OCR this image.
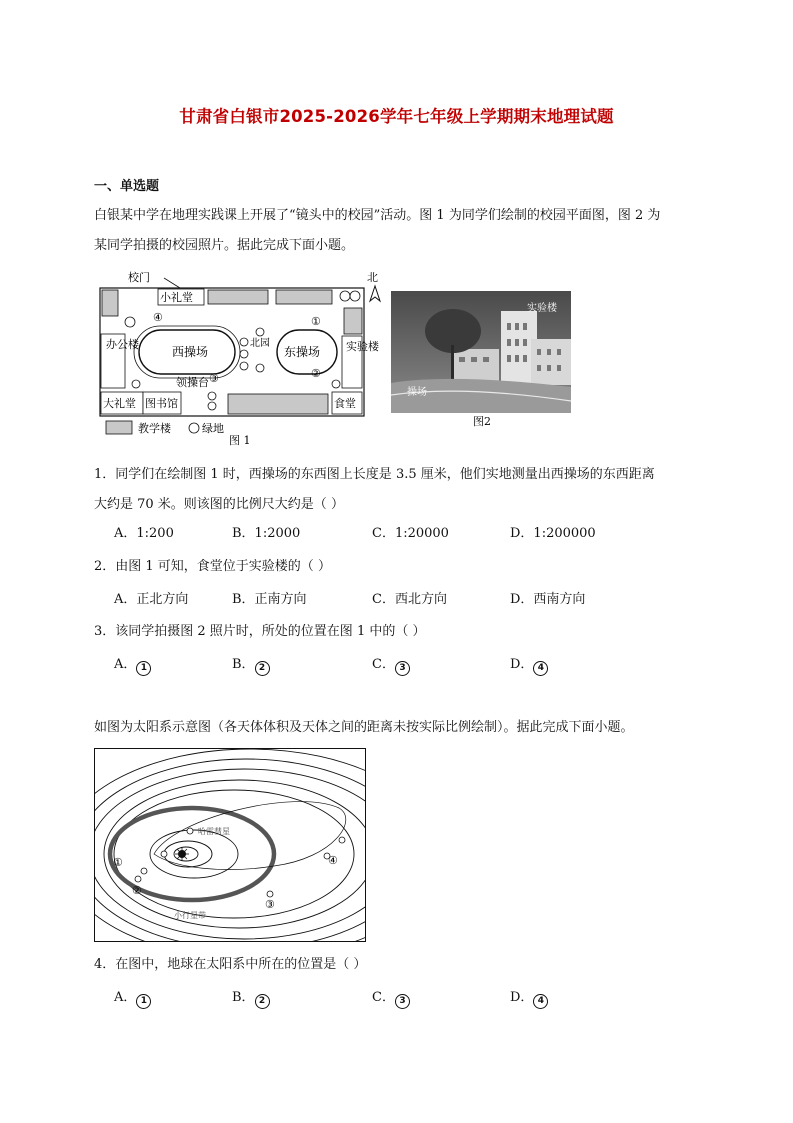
甘肃省白银市2025-2026学年七年级上学期期末地理试题
一、单选题
白银某中学在地理实践课上开展了“镜头中的校园”活动。图 1 为同学们绘制的校园平面图，图 2 为
某同学拍摄的校园照片。据此完成下面小题。
校门	北
小礼堂
西操场	东操场
北园
办公楼	实验楼
领操台
大礼堂 图书馆	食堂
④	①
②
③
教学楼	绿地
图 1
实验楼
操场
图2
1．同学们在绘制图 1 时，西操场的东西图上长度是 3.5 厘米，他们实地测量出西操场的东西距离
大约是 70 米。则该图的比例尺大约是（ ）
A．1:200	B．1:2000	C．1:20000	D．1:200000
2．由图 1 可知，食堂位于实验楼的（ ）
A．正北方向	B．正南方向	C．西北方向	D．西南方向
3．该同学拍摄图 2 照片时，所处的位置在图 1 中的（ ）
A． 1	B． 2	C． 3	D． 4
如图为太阳系示意图（各天体体积及天体之间的距离未按实际比例绘制）。据此完成下面小题。
哈雷彗星
小行星带
①
②
③
④
4．在图中，地球在太阳系中所在的位置是（ ）
A． 1	B． 2	C． 3	D． 4
